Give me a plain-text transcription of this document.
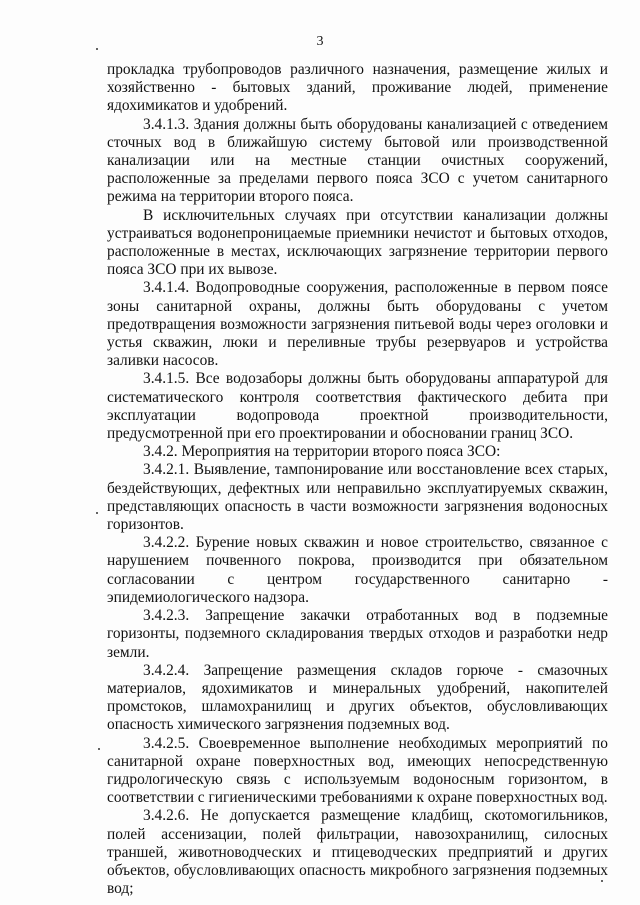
3

прокладка трубопроводов различного назначения, размещение жилых и хозяйственно - бытовых зданий, проживание людей, применение ядохимикатов и удобрений.

3.4.1.3. Здания должны быть оборудованы канализацией с отведением сточных вод в ближайшую систему бытовой или производственной канализации или на местные станции очистных сооружений, расположенные за пределами первого пояса ЗСО с учетом санитарного режима на территории второго пояса.

В исключительных случаях при отсутствии канализации должны устраиваться водонепроницаемые приемники нечистот и бытовых отходов, расположенные в местах, исключающих загрязнение территории первого пояса ЗСО при их вывозе.

3.4.1.4. Водопроводные сооружения, расположенные в первом поясе зоны санитарной охраны, должны быть оборудованы с учетом предотвращения возможности загрязнения питьевой воды через оголовки и устья скважин, люки и переливные трубы резервуаров и устройства заливки насосов.

3.4.1.5. Все водозаборы должны быть оборудованы аппаратурой для систематического контроля соответствия фактического дебита при эксплуатации водопровода проектной производительности, предусмотренной при его проектировании и обосновании границ ЗСО.

3.4.2. Мероприятия на территории второго пояса ЗСО:

3.4.2.1. Выявление, тампонирование или восстановление всех старых, бездействующих, дефектных или неправильно эксплуатируемых скважин, представляющих опасность в части возможности загрязнения водоносных горизонтов.

3.4.2.2. Бурение новых скважин и новое строительство, связанное с нарушением почвенного покрова, производится при обязательном согласовании с центром государственного санитарно - эпидемиологического надзора.

3.4.2.3. Запрещение закачки отработанных вод в подземные горизонты, подземного складирования твердых отходов и разработки недр земли.

3.4.2.4. Запрещение размещения складов горюче - смазочных материалов, ядохимикатов и минеральных удобрений, накопителей промстоков, шламохранилищ и других объектов, обусловливающих опасность химического загрязнения подземных вод.

3.4.2.5. Своевременное выполнение необходимых мероприятий по санитарной охране поверхностных вод, имеющих непосредственную гидрологическую связь с используемым водоносным горизонтом, в соответствии с гигиеническими требованиями к охране поверхностных вод.

3.4.2.6. Не допускается размещение кладбищ, скотомогильников, полей ассенизации, полей фильтрации, навозохранилищ, силосных траншей, животноводческих и птицеводческих предприятий и других объектов, обусловливающих опасность микробного загрязнения подземных вод;
